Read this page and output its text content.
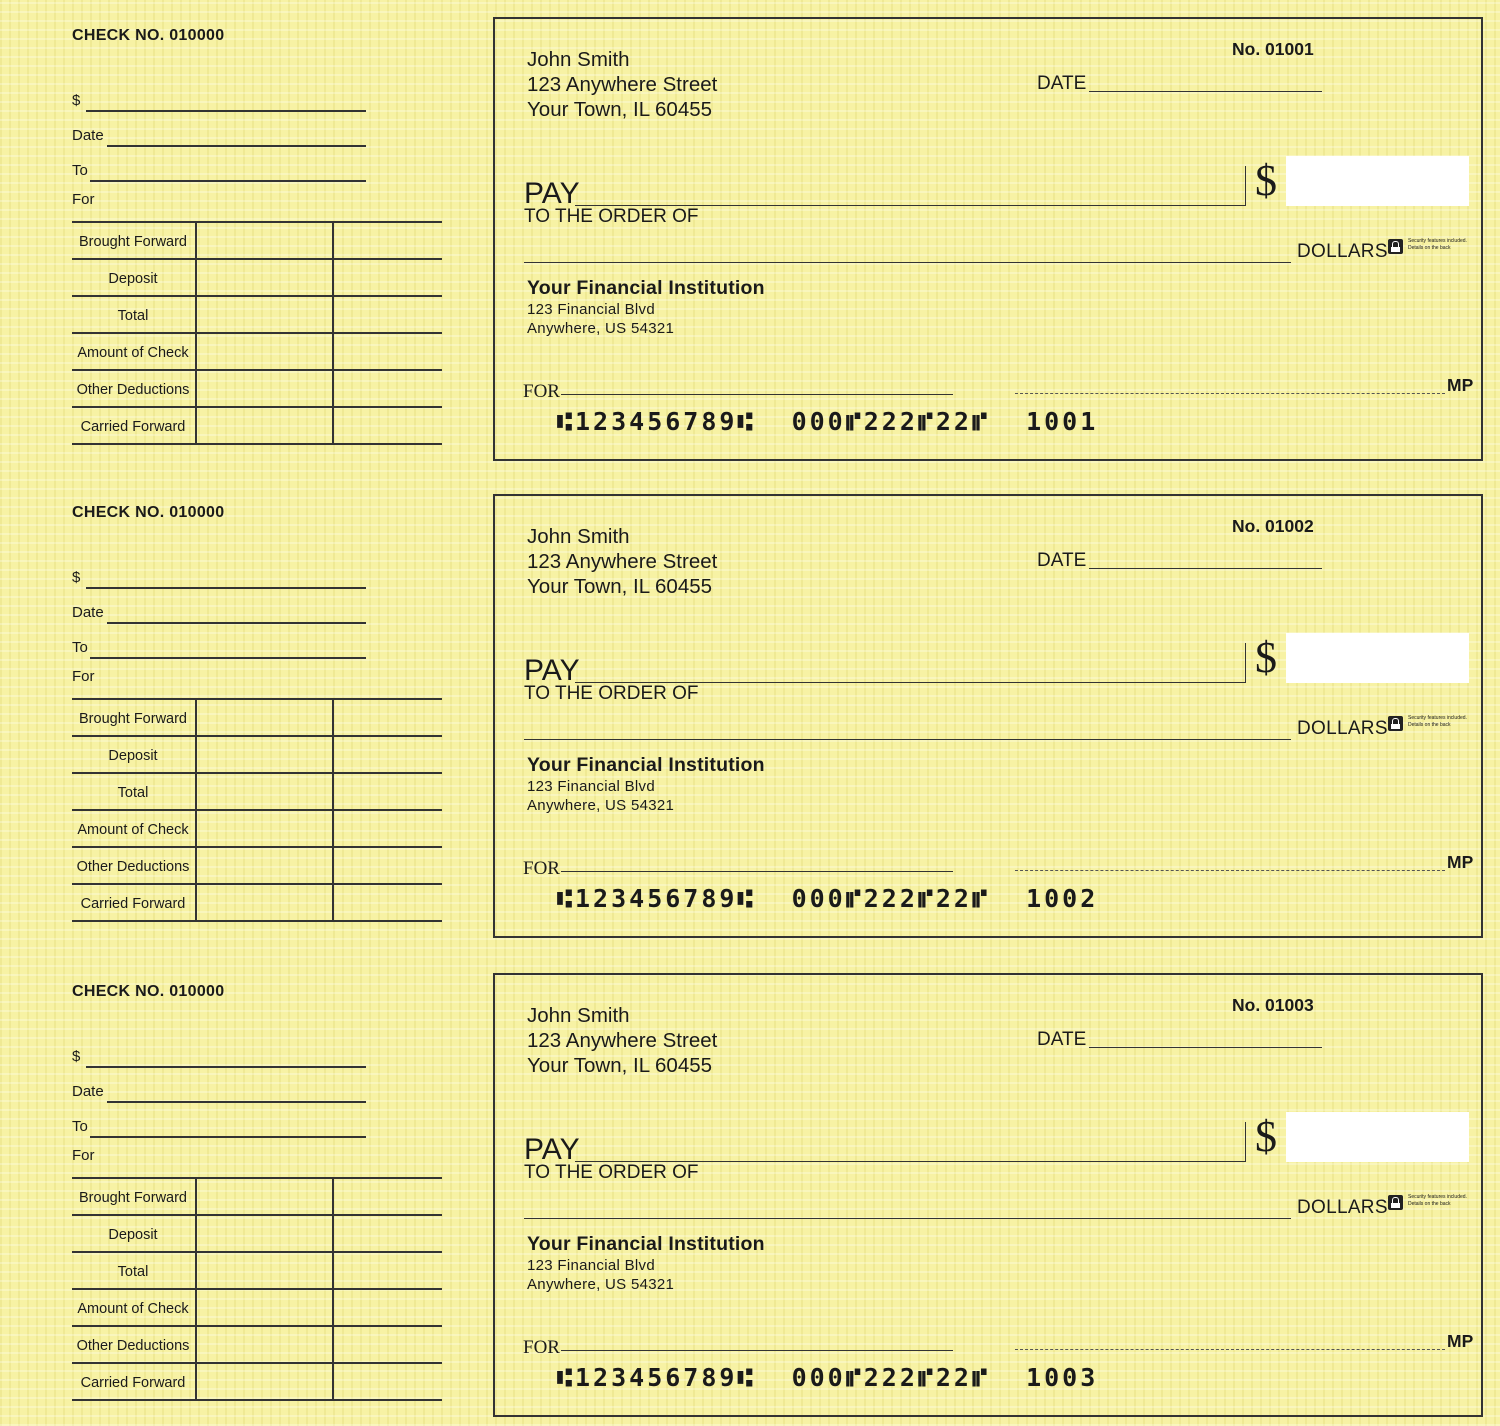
CHECK NO. 010000
$
Date
To
For
Brought Forward
Deposit
Total
Amount of Check
Other Deductions
Carried Forward
John Smith
123 Anywhere Street
Your Town, IL 60455
No. 01001
DATE
PAY
TO THE ORDER OF
$
DOLLARS	Security features included. Details on the back
Your Financial Institution
123 Financial Blvd
Anywhere, US 54321
FOR	MP
⑆123456789⑆  000⑈222⑈22⑈  1001
CHECK NO. 010000
$
Date
To
For
Brought Forward
Deposit
Total
Amount of Check
Other Deductions
Carried Forward
John Smith
123 Anywhere Street
Your Town, IL 60455
No. 01002
DATE
PAY
TO THE ORDER OF
$
DOLLARS	Security features included. Details on the back
Your Financial Institution
123 Financial Blvd
Anywhere, US 54321
FOR	MP
⑆123456789⑆  000⑈222⑈22⑈  1002
CHECK NO. 010000
$
Date
To
For
Brought Forward
Deposit
Total
Amount of Check
Other Deductions
Carried Forward
John Smith
123 Anywhere Street
Your Town, IL 60455
No. 01003
DATE
PAY
TO THE ORDER OF
$
DOLLARS	Security features included. Details on the back
Your Financial Institution
123 Financial Blvd
Anywhere, US 54321
FOR	MP
⑆123456789⑆  000⑈222⑈22⑈  1003
